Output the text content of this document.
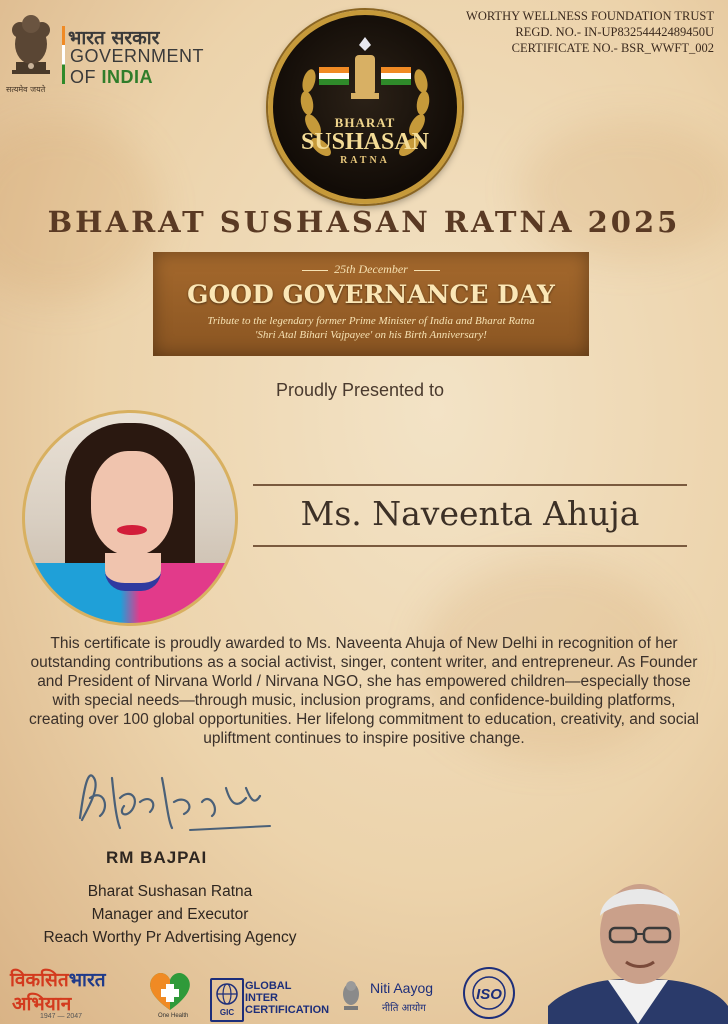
सत्यमेव जयते
भारत सरकार
GOVERNMENT
OF INDIA
WORTHY WELLNESS FOUNDATION TRUST
REGD. NO.- IN-UP83254442489450U
CERTIFICATE NO.- BSR_WWFT_002
BHARAT
SUSHASAN
RATNA
BHARAT SUSHASAN RATNA 2025
25th December
GOOD GOVERNANCE DAY
Tribute to the legendary former Prime Minister of India and Bharat Ratna
'Shri Atal Bihari Vajpayee' on his Birth Anniversary!
Proudly Presented to
Ms. Naveenta Ahuja
This certificate is proudly awarded to Ms. Naveenta Ahuja of New Delhi in recognition of her outstanding contributions as a social activist, singer, content writer, and entrepreneur. As Founder and President of Nirvana World / Nirvana NGO, she has empowered children—especially those with special needs—through music, inclusion programs, and confidence-building platforms, creating over 100 global opportunities. Her lifelong commitment to education, creativity, and social upliftment continues to inspire positive change.
RM BAJPAI
Bharat Sushasan Ratna
Manager and Executor
Reach Worthy Pr Advertising Agency
विकसितभारत
अभियान
1947 — 2047	One Health	GIC
GLOBAL
INTER
CERTIFICATION
Niti Aayog
नीति आयोग
ISO
